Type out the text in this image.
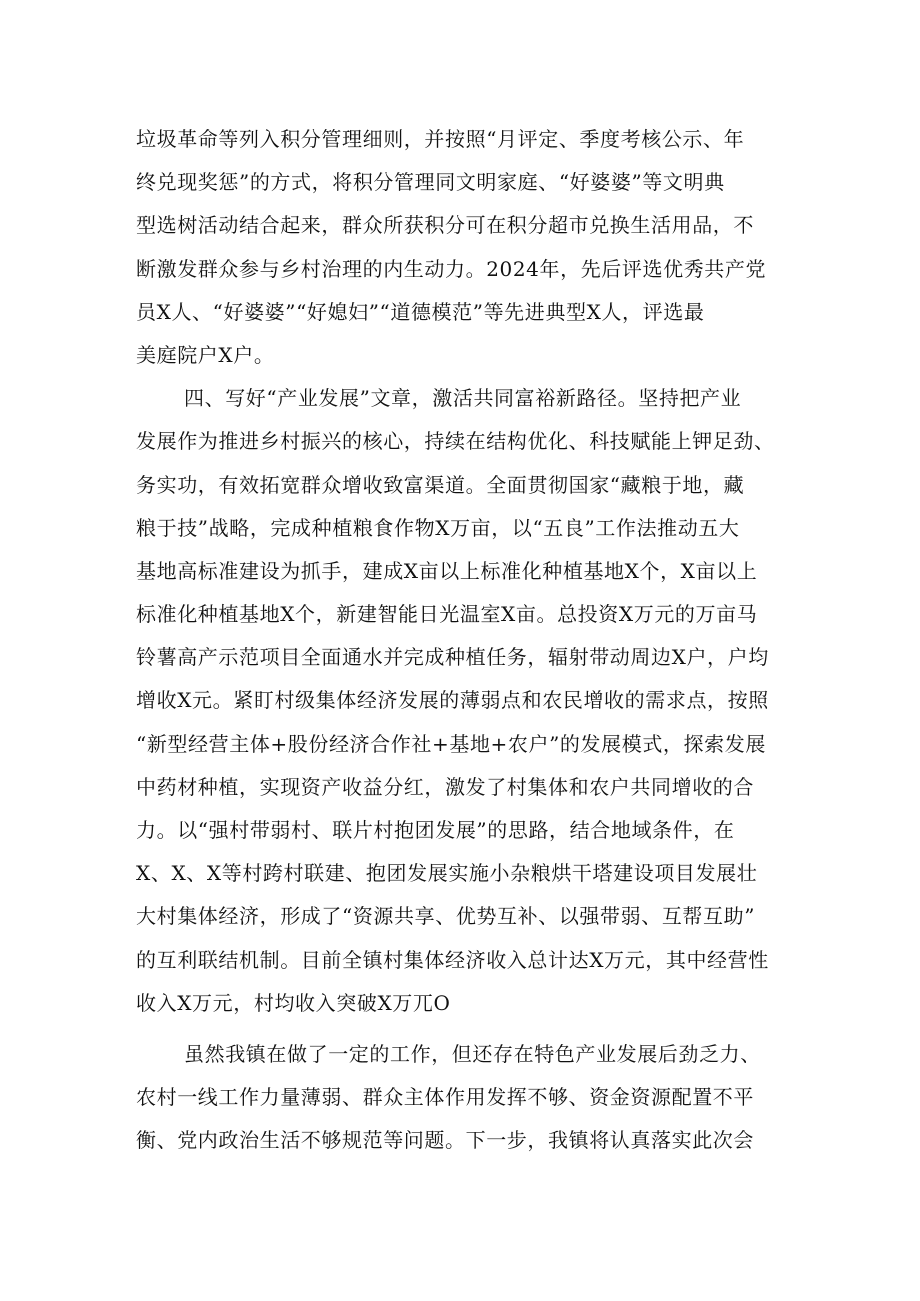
垃圾革命等列入积分管理细则，并按照“月评定、季度考核公示、年
终兑现奖惩”的方式，将积分管理同文明家庭、“好婆婆”等文明典
型选树活动结合起来，群众所获积分可在积分超市兑换生活用品，不
断激发群众参与乡村治理的内生动力。2024年，先后评选优秀共产党
员X人、“好婆婆”“好媳妇”“道德模范”等先进典型X人，评选最
美庭院户X户。
四、写好“产业发展”文章，激活共同富裕新路径。坚持把产业
发展作为推进乡村振兴的核心，持续在结构优化、科技赋能上钾足劲、
务实功，有效拓宽群众增收致富渠道。全面贯彻国家“藏粮于地，藏
粮于技”战略，完成种植粮食作物X万亩，以“五良”工作法推动五大
基地高标准建设为抓手，建成X亩以上标准化种植基地X个，X亩以上
标准化种植基地X个，新建智能日光温室X亩。总投资X万元的万亩马
铃薯高产示范项目全面通水并完成种植任务，辐射带动周边X户，户均
增收X元。紧盯村级集体经济发展的薄弱点和农民增收的需求点，按照
“新型经营主体+股份经济合作社+基地+农户”的发展模式，探索发展
中药材种植，实现资产收益分红，激发了村集体和农户共同增收的合
力。以“强村带弱村、联片村抱团发展”的思路，结合地域条件，在
X、X、X等村跨村联建、抱团发展实施小杂粮烘干塔建设项目发展壮
大村集体经济，形成了“资源共享、优势互补、以强带弱、互帮互助”
的互利联结机制。目前全镇村集体经济收入总计达X万元，其中经营性
收入X万元，村均收入突破X万兀O
虽然我镇在做了一定的工作，但还存在特色产业发展后劲乏力、
农村一线工作力量薄弱、群众主体作用发挥不够、资金资源配置不平
衡、党内政治生活不够规范等问题。下一步，我镇将认真落实此次会
